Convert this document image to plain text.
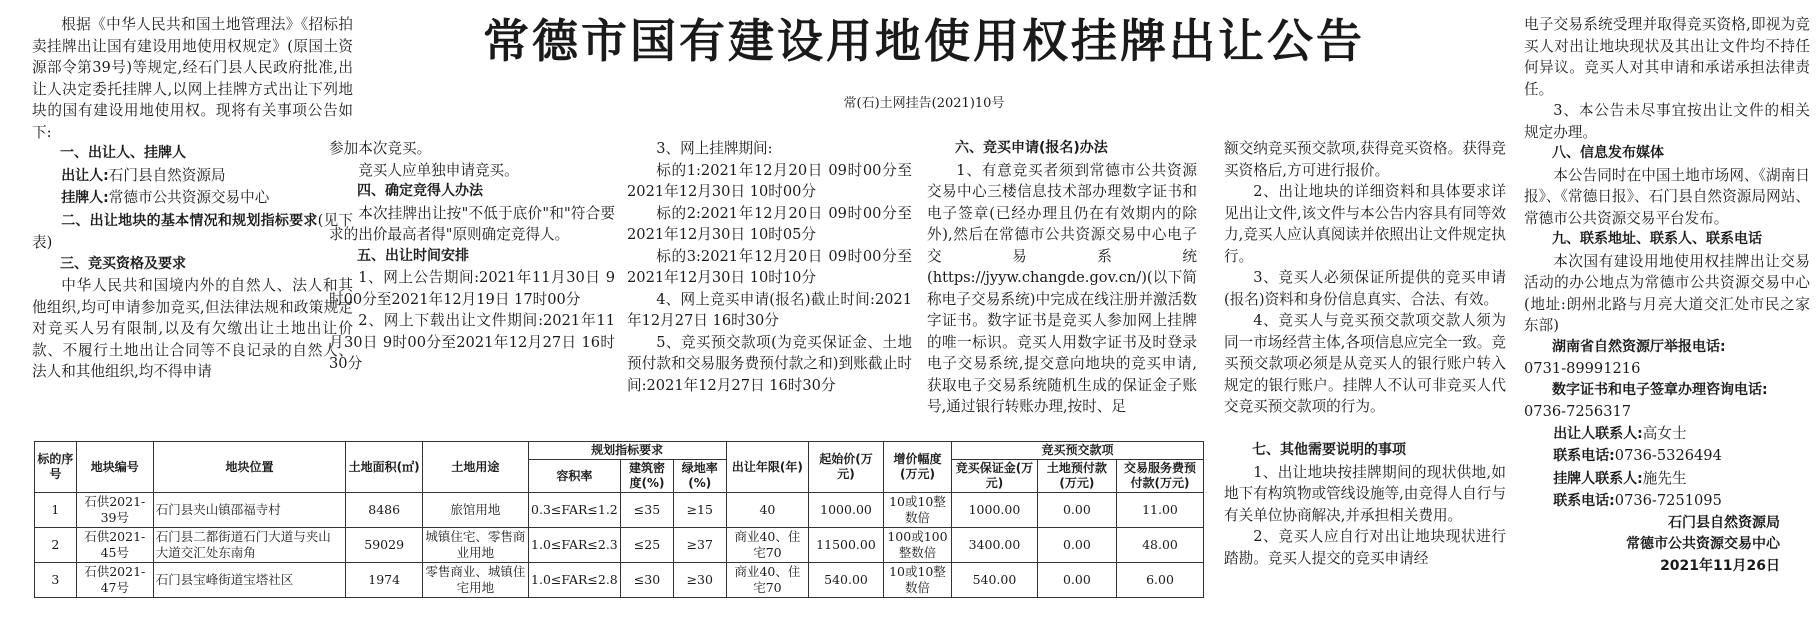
常德市国有建设用地使用权挂牌出让公告
常(石)土网挂告(2021)10号

根据《中华人民共和国土地管理法》《招标拍卖挂牌出让国有建设用地使用权规定》(原国土资源部令第39号)等规定,经石门县人民政府批准,出让人决定委托挂牌人,以网上挂牌方式出让下列地块的国有建设用地使用权。现将有关事项公告如下:

一、出让人、挂牌人

出让人:石门县自然资源局

挂牌人:常德市公共资源交易中心

二、出让地块的基本情况和规划指标要求(见下表)

三、竞买资格及要求

中华人民共和国境内外的自然人、法人和其他组织,均可申请参加竞买,但法律法规和政策规定对竞买人另有限制,以及有欠缴出让土地出让价款、不履行土地出让合同等不良记录的自然人、法人和其他组织,均不得申请

参加本次竞买。

竞买人应单独申请竞买。

四、确定竞得人办法

本次挂牌出让按"不低于底价"和"符合要求的出价最高者得"原则确定竞得人。

五、出让时间安排

1、网上公告期间:2021年11月30日 9时00分至2021年12月19日 17时00分

2、网上下载出让文件期间:2021年11月30日 9时00分至2021年12月27日 16时30分

3、网上挂牌期间:

标的1:2021年12月20日 09时00分至2021年12月30日 10时00分

标的2:2021年12月20日 09时00分至2021年12月30日 10时05分

标的3:2021年12月20日 09时00分至2021年12月30日 10时10分

4、网上竞买申请(报名)截止时间:2021年12月27日 16时30分

5、竞买预交款项(为竞买保证金、土地预付款和交易服务费预付款之和)到账截止时间:2021年12月27日 16时30分

六、竞买申请(报名)办法

1、有意竞买者须到常德市公共资源交易中心三楼信息技术部办理数字证书和电子签章(已经办理且仍在有效期内的除外),然后在常德市公共资源交易中心电子交易系统(https://jyyw.changde.gov.cn/)(以下简称电子交易系统)中完成在线注册并激活数字证书。数字证书是竞买人参加网上挂牌的唯一标识。竞买人用数字证书及时登录电子交易系统,提交意向地块的竞买申请,获取电子交易系统随机生成的保证金子账号,通过银行转账办理,按时、足

额交纳竞买预交款项,获得竞买资格。获得竞买资格后,方可进行报价。

2、出让地块的详细资料和具体要求详见出让文件,该文件与本公告内容具有同等效力,竞买人应认真阅读并依照出让文件规定执行。

3、竞买人必须保证所提供的竞买申请(报名)资料和身份信息真实、合法、有效。

4、竞买人与竞买预交款项交款人须为同一市场经营主体,各项信息应完全一致。竞买预交款项必须是从竞买人的银行账户转入规定的银行账户。挂牌人不认可非竞买人代交竞买预交款项的行为。

七、其他需要说明的事项

1、出让地块按挂牌期间的现状供地,如地下有构筑物或管线设施等,由竞得人自行与有关单位协商解决,并承担相关费用。

2、竞买人应自行对出让地块现状进行踏勘。竞买人提交的竞买申请经

电子交易系统受理并取得竞买资格,即视为竞买人对出让地块现状及其出让文件均不持任何异议。竞买人对其申请和承诺承担法律责任。

3、本公告未尽事宜按出让文件的相关规定办理。

八、信息发布媒体

本公告同时在中国土地市场网、《湖南日报》、《常德日报》、石门县自然资源局网站、常德市公共资源交易平台发布。

九、联系地址、联系人、联系电话

本次国有建设用地使用权挂牌出让交易活动的办公地点为常德市公共资源交易中心(地址:朗州北路与月亮大道交汇处市民之家东部)

湖南省自然资源厅举报电话:

0731-89991216

数字证书和电子签章办理咨询电话:

0736-7256317

出让人联系人:高女士

联系电话:0736-5326494

挂牌人联系人:施先生

联系电话:0736-7251095

石门县自然资源局

常德市公共资源交易中心

2021年11月26日

标的序号	地块编号	地块位置	土地面积(㎡)	土地用途	规划指标要求			出让年限(年)	起始价(万元)	增价幅度(万元)	竞买预交款项		
					容积率	建筑密度(%)	绿地率(%)				竞买保证金(万元)	土地预付款(万元)	交易服务费预付款(万元)
1	石供2021-39号	石门县夹山镇邵福寺村	8486	旅馆用地	0.3≤FAR≤1.2	≤35	≥15	40	1000.00	10或10整数倍	1000.00	0.00	11.00
2	石供2021-45号	石门县二都街道石门大道与夹山大道交汇处东南角	59029	城镇住宅、零售商业用地	1.0≤FAR≤2.3	≤25	≥37	商业40、住宅70	11500.00	100或100整数倍	3400.00	0.00	48.00
3	石供2021-47号	石门县宝峰街道宝塔社区	1974	零售商业、城镇住宅用地	1.0≤FAR≤2.8	≤30	≥30	商业40、住宅70	540.00	10或10整数倍	540.00	0.00	6.00
